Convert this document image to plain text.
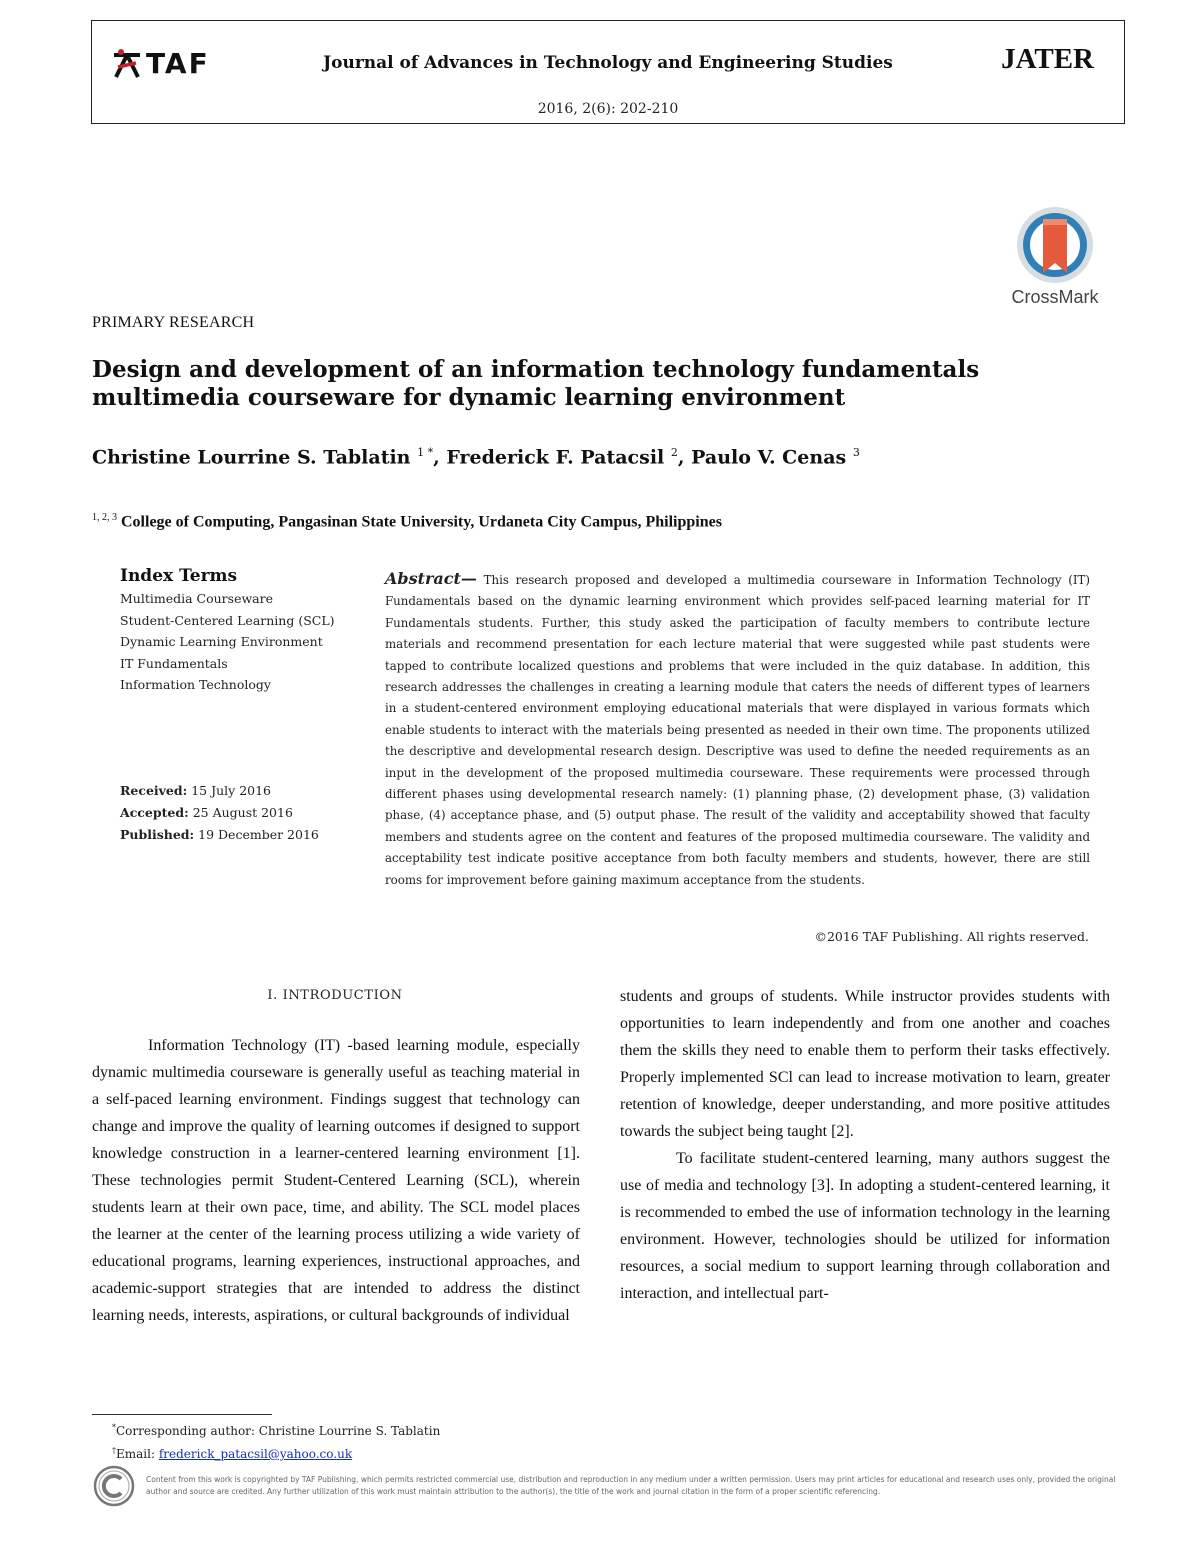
TAF	Journal of Advances in Technology and Engineering Studies	JATER
2016, 2(6): 202-210
CrossMark
PRIMARY RESEARCH
Design and development of an information technology fundamentals multimedia courseware for dynamic learning environment
Christine Lourrine S. Tablatin $^{1 *}$, Frederick F. Patacsil $^2$, Paulo V. Cenas $^3$
$^{1, 2, 3}$ College of Computing, Pangasinan State University, Urdaneta City Campus, Philippines
Index Terms
Multimedia Courseware
Student-Centered Learning (SCL)
Dynamic Learning Environment
IT Fundamentals
Information Technology
Received: 15 July 2016
Accepted: 25 August 2016
Published: 19 December 2016
Abstract— This research proposed and developed a multimedia courseware in Information Technology (IT) Fundamentals based on the dynamic learning environment which provides self-paced learning material for IT Fundamentals students. Further, this study asked the participation of faculty members to contribute lecture materials and recommend presentation for each lecture material that were suggested while past students were tapped to contribute localized questions and problems that were included in the quiz database. In addition, this research addresses the challenges in creating a learning module that caters the needs of different types of learners in a student-centered environment employing educational materials that were displayed in various formats which enable students to interact with the materials being presented as needed in their own time. The proponents utilized the descriptive and developmental research design. Descriptive was used to define the needed requirements as an input in the development of the proposed multimedia courseware. These requirements were processed through different phases using developmental research namely: (1) planning phase, (2) development phase, (3) validation phase, (4) acceptance phase, and (5) output phase. The result of the validity and acceptability showed that faculty members and students agree on the content and features of the proposed multimedia courseware. The validity and acceptability test indicate positive acceptance from both faculty members and students, however, there are still rooms for improvement before gaining maximum acceptance from the students.
©2016 TAF Publishing. All rights reserved.
I. INTRODUCTION

Information Technology (IT) -based learning module, especially dynamic multimedia courseware is generally useful as teaching material in a self-paced learning environment. Findings suggest that technology can change and improve the quality of learning outcomes if designed to support knowledge construction in a learner-centered learning environment [1]. These technologies permit Student-Centered Learning (SCL), wherein students learn at their own pace, time, and ability. The SCL model places the learner at the center of the learning process utilizing a wide variety of educational programs, learning experiences, instructional approaches, and academic-support strategies that are intended to address the distinct learning needs, interests, aspirations, or cultural backgrounds of individual

students and groups of students. While instructor provides students with opportunities to learn independently and from one another and coaches them the skills they need to enable them to perform their tasks effectively. Properly implemented SCl can lead to increase motivation to learn, greater retention of knowledge, deeper understanding, and more positive attitudes towards the subject being taught [2].

To facilitate student-centered learning, many authors suggest the use of media and technology [3]. In adopting a student-centered learning, it is recommended to embed the use of information technology in the learning environment. However, technologies should be utilized for information resources, a social medium to support learning through collaboration and interaction, and intellectual part-

*Corresponding author: Christine Lourrine S. Tablatin
†Email: frederick_patacsil@yahoo.co.uk
Content from this work is copyrighted by TAF Publishing, which permits restricted commercial use, distribution and reproduction in any medium under a written permission. Users may print articles for educational and research uses only, provided the original author and source are credited. Any further utilization of this work must maintain attribution to the author(s), the title of the work and journal citation in the form of a proper scientific referencing.
